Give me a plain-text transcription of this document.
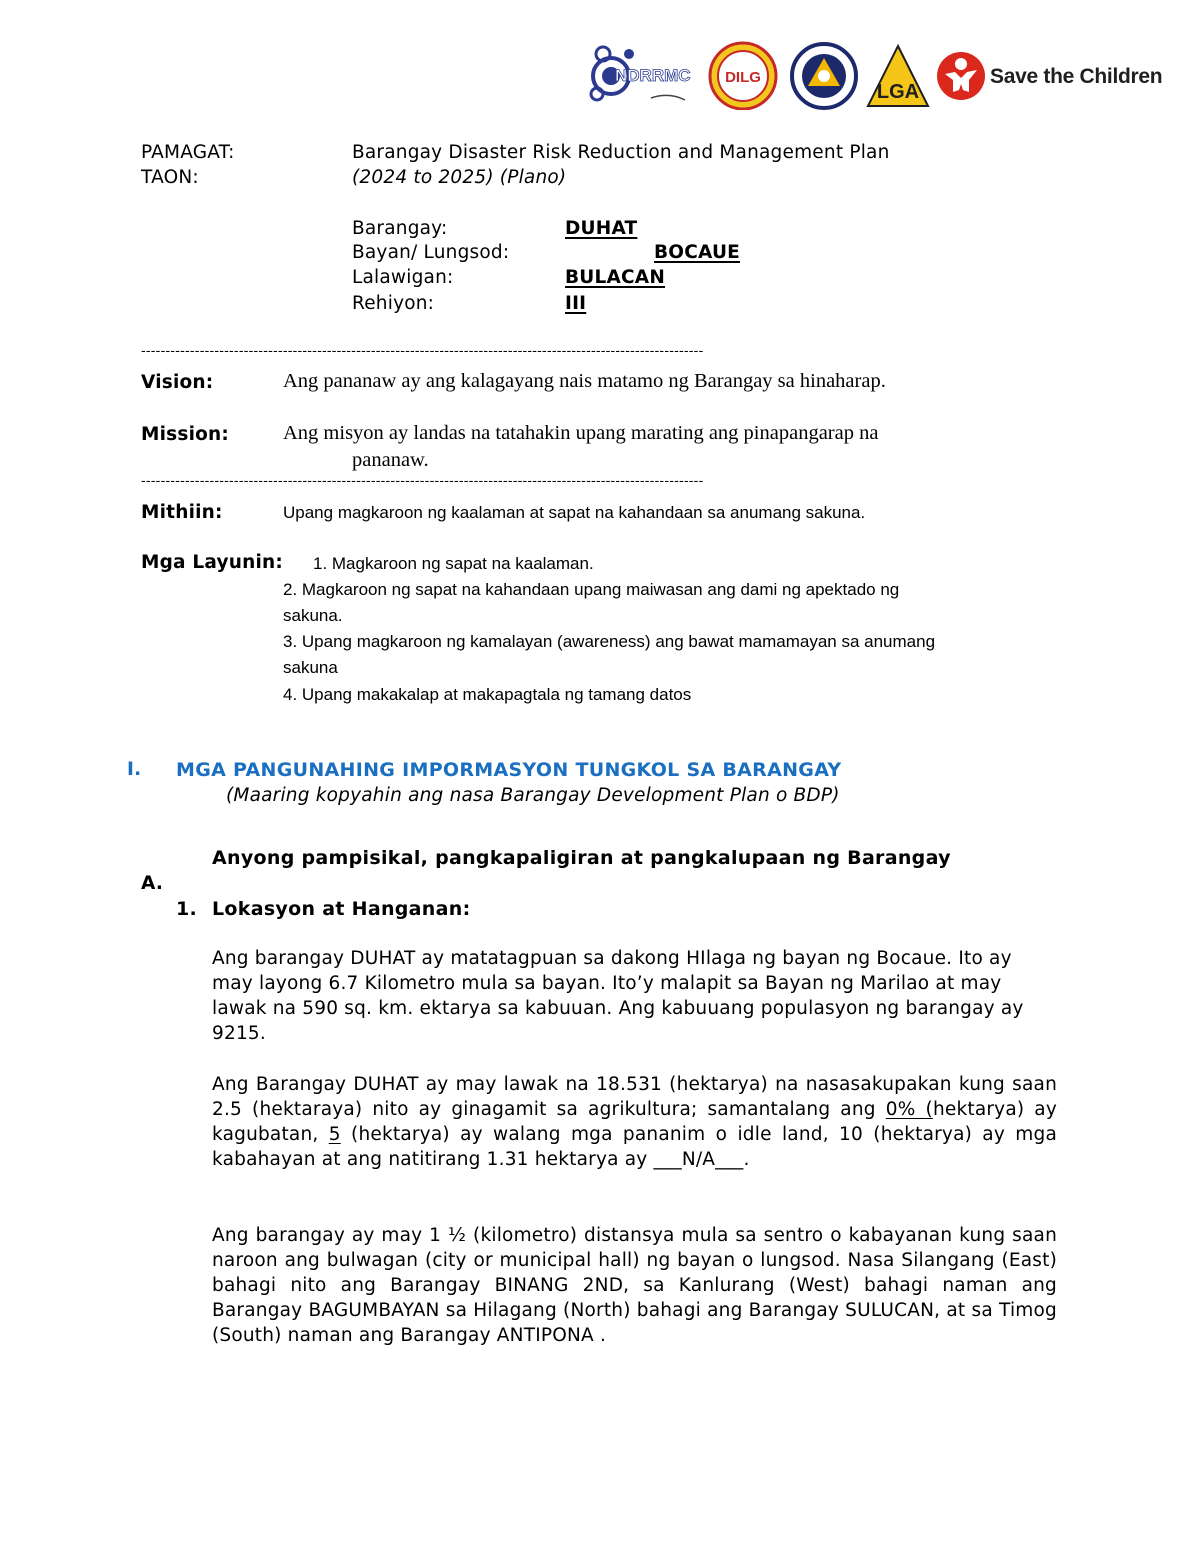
NDRRMC DILG
LGA
Save the Children
PAMAGAT:	Barangay Disaster Risk Reduction and Management Plan
TAON:	(2024 to 2025) (Plano)
Barangay:	DUHAT
Bayan/ Lungsod:	BOCAUE
Lalawigan:	BULACAN
Rehiyon:	III
-------------------------------------------------------------------------------------------------------------------
Vision:	Ang pananaw ay ang kalagayang nais matamo ng Barangay sa hinaharap.
Mission:	Ang misyon ay landas na tatahakin upang marating ang pinapangarap na
pananaw.
-------------------------------------------------------------------------------------------------------------------
Mithiin:	Upang magkaroon ng kaalaman at sapat na kahandaan sa anumang sakuna.
Mga Layunin: 1. Magkaroon ng sapat na kaalaman.
2. Magkaroon ng sapat na kahandaan upang maiwasan ang dami ng apektado ng
sakuna.
3. Upang magkaroon ng kamalayan (awareness) ang bawat mamamayan sa anumang
sakuna
4. Upang makakalap at makapagtala ng tamang datos
I. MGA PANGUNAHING IMPORMASYON TUNGKOL SA BARANGAY
(Maaring kopyahin ang nasa Barangay Development Plan o BDP)
Anyong pampisikal, pangkapaligiran at pangkalupaan ng Barangay
A.
1. Lokasyon at Hanganan:

Ang barangay DUHAT ay matatagpuan sa dakong HIlaga ng bayan ng Bocaue. Ito ay may layong 6.7 Kilometro mula sa bayan. Ito’y malapit sa Bayan ng Marilao at may lawak na 590 sq. km. ektarya sa kabuuan. Ang kabuuang populasyon ng barangay ay 9215.

Ang Barangay DUHAT ay may lawak na 18.531 (hektarya) na nasasakupakan kung saan 2.5 (hektaraya) nito ay ginagamit sa agrikultura; samantalang ang 0% (hektarya) ay kagubatan, 5 (hektarya) ay walang mga pananim o idle land, 10 (hektarya) ay mga kabahayan at ang natitirang 1.31 hektarya ay ___N/A___.

Ang barangay ay may 1 ½ (kilometro) distansya mula sa sentro o kabayanan kung saan naroon ang bulwagan (city or municipal hall) ng bayan o lungsod. Nasa Silangang (East) bahagi nito ang Barangay BINANG 2ND, sa Kanlurang (West) bahagi naman ang Barangay BAGUMBAYAN sa Hilagang (North) bahagi ang Barangay SULUCAN, at sa Timog (South) naman ang Barangay ANTIPONA .
